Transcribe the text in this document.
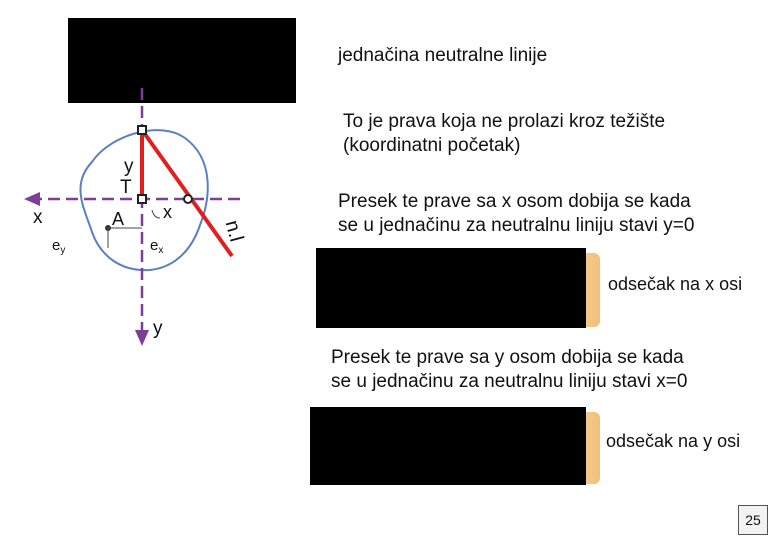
jednačina neutralne linije
To je prava koja ne prolazi kroz težište
(koordinatni početak)
Presek te prave sa x osom dobija se kada
se u jednačinu za neutralnu liniju stavi y=0
odsečak na x osi
Presek te prave sa y osom dobija se kada
se u jednačinu za neutralnu liniju stavi x=0
odsečak na y osi
25
y
T
x	A x
$e_y$	$e_x$
n.l
y
